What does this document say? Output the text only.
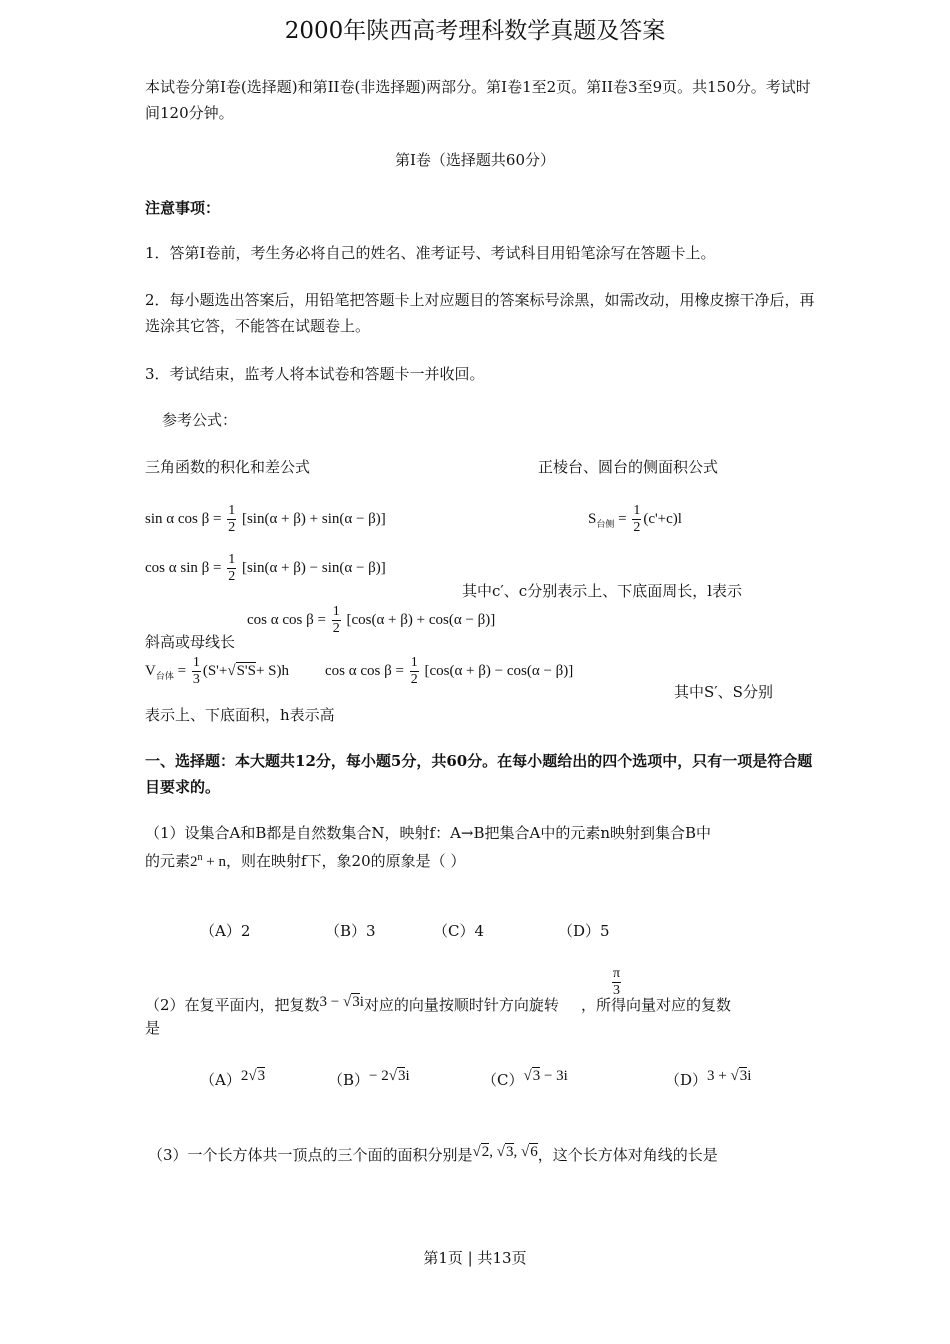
2000年陕西高考理科数学真题及答案
本试卷分第Ⅰ卷(选择题)和第II卷(非选择题)两部分。第Ⅰ卷1至2页。第II卷3至9页。共150分。考试时间120分钟。
第Ⅰ卷（选择题共60分）
注意事项：
1．答第Ⅰ卷前，考生务必将自己的姓名、准考证号、考试科目用铅笔涂写在答题卡上。
2．每小题选出答案后，用铅笔把答题卡上对应题目的答案标号涂黑，如需改动，用橡皮擦干净后，再选涂其它答，不能答在试题卷上。
3．考试结束，监考人将本试卷和答题卡一并收回。
参考公式：
三角函数的积化和差公式	正棱台、圆台的侧面积公式
sin α $\cos \beta = \frac{1}{2} [\sin(\alpha + \beta) + \sin(\alpha - \beta)]$	$S_{台侧} = \frac{1}{2} (c'+c)l$
cos α $\sin \beta = \frac{1}{2} [\sin(\alpha + \beta) - \sin(\alpha - \beta)]$
其中c′、c分别表示上、下底面周长，l表示
cos α $\cos \beta = \frac{1}{2} [\cos(\alpha + \beta) + \cos(\alpha - \beta)]$
斜高或母线长
$V_{台体} = \frac{1}{3} (S'+√S'S+ S)h$ cos α $\cos \beta = \frac{1}{2} [\cos(\alpha + \beta) - \cos(\alpha - \beta)]$
其中S′、S分别
表示上、下底面积，h表示高
一、选择题：本大题共12分，每小题5分，共60分。在每小题给出的四个选项中，只有一项是符合题目要求的。
（1）设集合A和B都是自然数集合N，映射f：A→B把集合A中的元素n映射到集合B中
的元素$2^n + n$，则在映射f下，象20的原象是（ ）
（A）2	（B）3	（C）4	（D）5
$\frac{\pi}{3}$
（2）在复平面内，把复数3 − √3i对应的向量按顺时针方向旋转 ，所得向量对应的复数
是
（A）2√3	（B）− 2√3i	（C）√3 − 3i	（D）3 + √3i
（3）一个长方体共一顶点的三个面的面积分别是√2, √3, √6，这个长方体对角线的长是
第1页 | 共13页
